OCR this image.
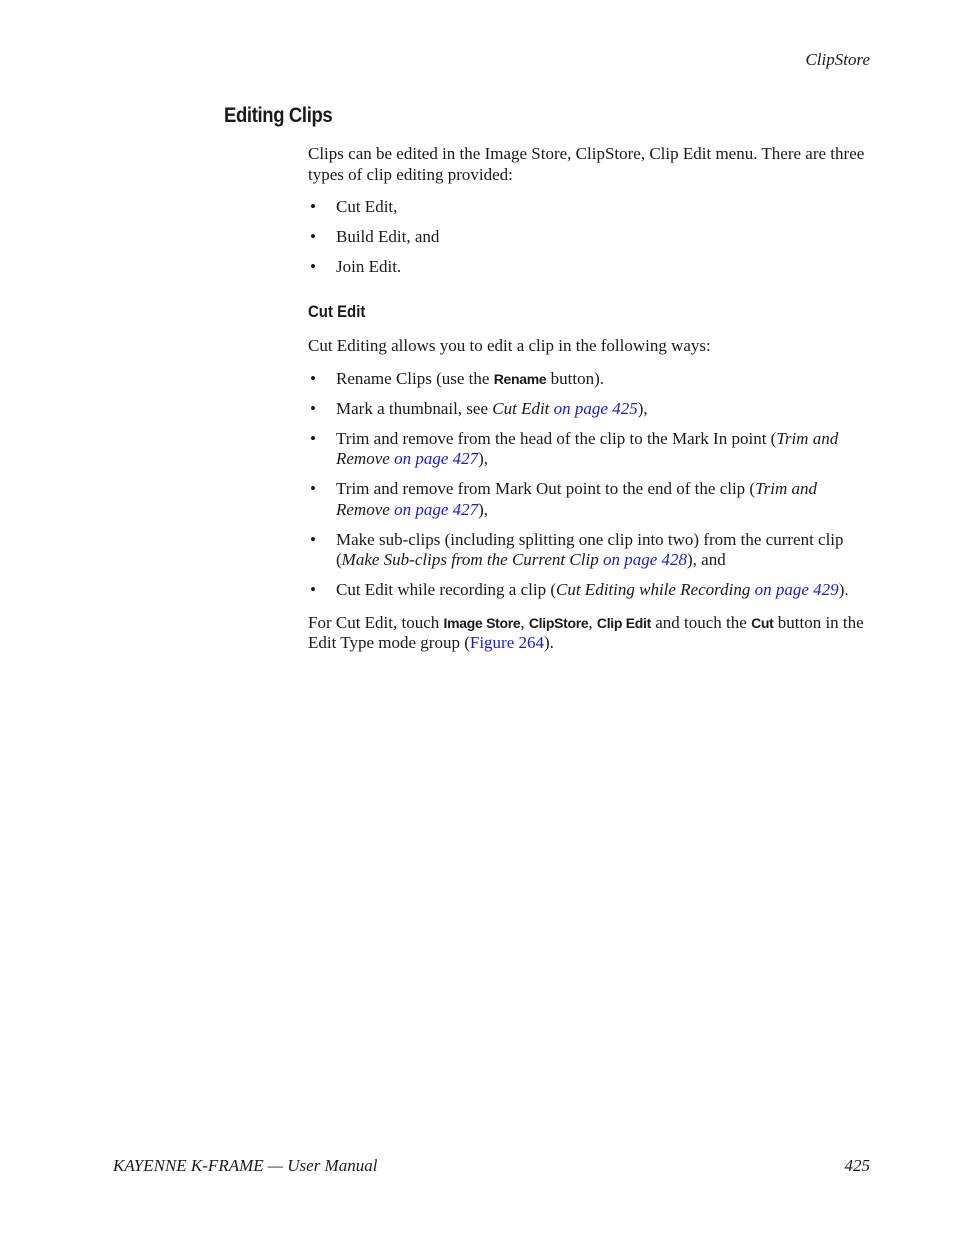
ClipStore
Editing Clips

Clips can be edited in the Image Store, ClipStore, Clip Edit menu. There are three types of clip editing provided:

• Cut Edit,
• Build Edit, and
• Join Edit.
Cut Edit

Cut Editing allows you to edit a clip in the following ways:

• Rename Clips (use the Rename button).
• Mark a thumbnail, see Cut Edit on page 425),
• Trim and remove from the head of the clip to the Mark In point (Trim and Remove on page 427),
• Trim and remove from Mark Out point to the end of the clip (Trim and Remove on page 427),
• Make sub-clips (including splitting one clip into two) from the current clip (Make Sub-clips from the Current Clip on page 428), and
• Cut Edit while recording a clip (Cut Editing while Recording on page 429).

For Cut Edit, touch Image Store, ClipStore, Clip Edit and touch the Cut button in the Edit Type mode group (Figure 264).

KAYENNE K-FRAME — User Manual	425
